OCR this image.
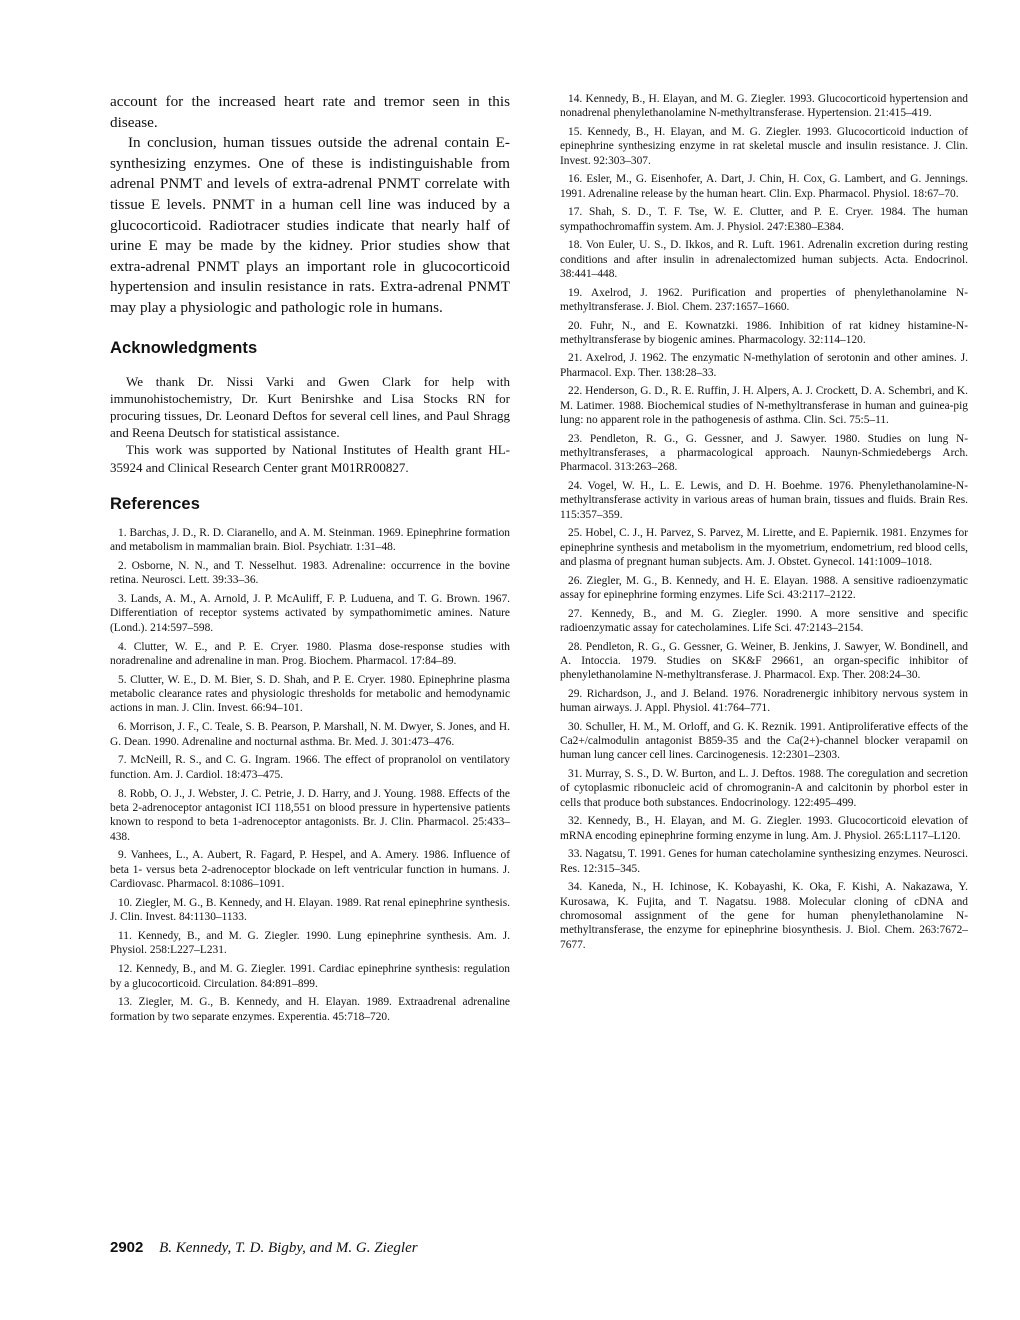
account for the increased heart rate and tremor seen in this disease.

In conclusion, human tissues outside the adrenal contain E-synthesizing enzymes. One of these is indistinguishable from adrenal PNMT and levels of extra-adrenal PNMT correlate with tissue E levels. PNMT in a human cell line was induced by a glucocorticoid. Radiotracer studies indicate that nearly half of urine E may be made by the kidney. Prior studies show that extra-adrenal PNMT plays an important role in glucocorticoid hypertension and insulin resistance in rats. Extra-adrenal PNMT may play a physiologic and pathologic role in humans.

Acknowledgments

We thank Dr. Nissi Varki and Gwen Clark for help with immunohistochemistry, Dr. Kurt Benirshke and Lisa Stocks RN for procuring tissues, Dr. Leonard Deftos for several cell lines, and Paul Shragg and Reena Deutsch for statistical assistance.

This work was supported by National Institutes of Health grant HL-35924 and Clinical Research Center grant M01RR00827.

References

1. Barchas, J. D., R. D. Ciaranello, and A. M. Steinman. 1969. Epinephrine formation and metabolism in mammalian brain. Biol. Psychiatr. 1:31–48.

2. Osborne, N. N., and T. Nesselhut. 1983. Adrenaline: occurrence in the bovine retina. Neurosci. Lett. 39:33–36.

3. Lands, A. M., A. Arnold, J. P. McAuliff, F. P. Luduena, and T. G. Brown. 1967. Differentiation of receptor systems activated by sympathomimetic amines. Nature (Lond.). 214:597–598.

4. Clutter, W. E., and P. E. Cryer. 1980. Plasma dose-response studies with noradrenaline and adrenaline in man. Prog. Biochem. Pharmacol. 17:84–89.

5. Clutter, W. E., D. M. Bier, S. D. Shah, and P. E. Cryer. 1980. Epinephrine plasma metabolic clearance rates and physiologic thresholds for metabolic and hemodynamic actions in man. J. Clin. Invest. 66:94–101.

6. Morrison, J. F., C. Teale, S. B. Pearson, P. Marshall, N. M. Dwyer, S. Jones, and H. G. Dean. 1990. Adrenaline and nocturnal asthma. Br. Med. J. 301:473–476.

7. McNeill, R. S., and C. G. Ingram. 1966. The effect of propranolol on ventilatory function. Am. J. Cardiol. 18:473–475.

8. Robb, O. J., J. Webster, J. C. Petrie, J. D. Harry, and J. Young. 1988. Effects of the beta 2-adrenoceptor antagonist ICI 118,551 on blood pressure in hypertensive patients known to respond to beta 1-adrenoceptor antagonists. Br. J. Clin. Pharmacol. 25:433–438.

9. Vanhees, L., A. Aubert, R. Fagard, P. Hespel, and A. Amery. 1986. Influence of beta 1- versus beta 2-adrenoceptor blockade on left ventricular function in humans. J. Cardiovasc. Pharmacol. 8:1086–1091.

10. Ziegler, M. G., B. Kennedy, and H. Elayan. 1989. Rat renal epinephrine synthesis. J. Clin. Invest. 84:1130–1133.

11. Kennedy, B., and M. G. Ziegler. 1990. Lung epinephrine synthesis. Am. J. Physiol. 258:L227–L231.

12. Kennedy, B., and M. G. Ziegler. 1991. Cardiac epinephrine synthesis: regulation by a glucocorticoid. Circulation. 84:891–899.

13. Ziegler, M. G., B. Kennedy, and H. Elayan. 1989. Extraadrenal adrenaline formation by two separate enzymes. Experentia. 45:718–720.

14. Kennedy, B., H. Elayan, and M. G. Ziegler. 1993. Glucocorticoid hypertension and nonadrenal phenylethanolamine N-methyltransferase. Hypertension. 21:415–419.

15. Kennedy, B., H. Elayan, and M. G. Ziegler. 1993. Glucocorticoid induction of epinephrine synthesizing enzyme in rat skeletal muscle and insulin resistance. J. Clin. Invest. 92:303–307.

16. Esler, M., G. Eisenhofer, A. Dart, J. Chin, H. Cox, G. Lambert, and G. Jennings. 1991. Adrenaline release by the human heart. Clin. Exp. Pharmacol. Physiol. 18:67–70.

17. Shah, S. D., T. F. Tse, W. E. Clutter, and P. E. Cryer. 1984. The human sympathochromaffin system. Am. J. Physiol. 247:E380–E384.

18. Von Euler, U. S., D. Ikkos, and R. Luft. 1961. Adrenalin excretion during resting conditions and after insulin in adrenalectomized human subjects. Acta. Endocrinol. 38:441–448.

19. Axelrod, J. 1962. Purification and properties of phenylethanolamine N-methyltransferase. J. Biol. Chem. 237:1657–1660.

20. Fuhr, N., and E. Kownatzki. 1986. Inhibition of rat kidney histamine-N-methyltransferase by biogenic amines. Pharmacology. 32:114–120.

21. Axelrod, J. 1962. The enzymatic N-methylation of serotonin and other amines. J. Pharmacol. Exp. Ther. 138:28–33.

22. Henderson, G. D., R. E. Ruffin, J. H. Alpers, A. J. Crockett, D. A. Schembri, and K. M. Latimer. 1988. Biochemical studies of N-methyltransferase in human and guinea-pig lung: no apparent role in the pathogenesis of asthma. Clin. Sci. 75:5–11.

23. Pendleton, R. G., G. Gessner, and J. Sawyer. 1980. Studies on lung N-methyltransferases, a pharmacological approach. Naunyn-Schmiedebergs Arch. Pharmacol. 313:263–268.

24. Vogel, W. H., L. E. Lewis, and D. H. Boehme. 1976. Phenylethanolamine-N-methyltransferase activity in various areas of human brain, tissues and fluids. Brain Res. 115:357–359.

25. Hobel, C. J., H. Parvez, S. Parvez, M. Lirette, and E. Papiernik. 1981. Enzymes for epinephrine synthesis and metabolism in the myometrium, endometrium, red blood cells, and plasma of pregnant human subjects. Am. J. Obstet. Gynecol. 141:1009–1018.

26. Ziegler, M. G., B. Kennedy, and H. E. Elayan. 1988. A sensitive radioenzymatic assay for epinephrine forming enzymes. Life Sci. 43:2117–2122.

27. Kennedy, B., and M. G. Ziegler. 1990. A more sensitive and specific radioenzymatic assay for catecholamines. Life Sci. 47:2143–2154.

28. Pendleton, R. G., G. Gessner, G. Weiner, B. Jenkins, J. Sawyer, W. Bondinell, and A. Intoccia. 1979. Studies on SK&F 29661, an organ-specific inhibitor of phenylethanolamine N-methyltransferase. J. Pharmacol. Exp. Ther. 208:24–30.

29. Richardson, J., and J. Beland. 1976. Noradrenergic inhibitory nervous system in human airways. J. Appl. Physiol. 41:764–771.

30. Schuller, H. M., M. Orloff, and G. K. Reznik. 1991. Antiproliferative effects of the Ca2+/calmodulin antagonist B859-35 and the Ca(2+)-channel blocker verapamil on human lung cancer cell lines. Carcinogenesis. 12:2301–2303.

31. Murray, S. S., D. W. Burton, and L. J. Deftos. 1988. The coregulation and secretion of cytoplasmic ribonucleic acid of chromogranin-A and calcitonin by phorbol ester in cells that produce both substances. Endocrinology. 122:495–499.

32. Kennedy, B., H. Elayan, and M. G. Ziegler. 1993. Glucocorticoid elevation of mRNA encoding epinephrine forming enzyme in lung. Am. J. Physiol. 265:L117–L120.

33. Nagatsu, T. 1991. Genes for human catecholamine synthesizing enzymes. Neurosci. Res. 12:315–345.

34. Kaneda, N., H. Ichinose, K. Kobayashi, K. Oka, F. Kishi, A. Nakazawa, Y. Kurosawa, K. Fujita, and T. Nagatsu. 1988. Molecular cloning of cDNA and chromosomal assignment of the gene for human phenylethanolamine N-methyltransferase, the enzyme for epinephrine biosynthesis. J. Biol. Chem. 263:7672–7677.

2902 B. Kennedy, T. D. Bigby, and M. G. Ziegler
